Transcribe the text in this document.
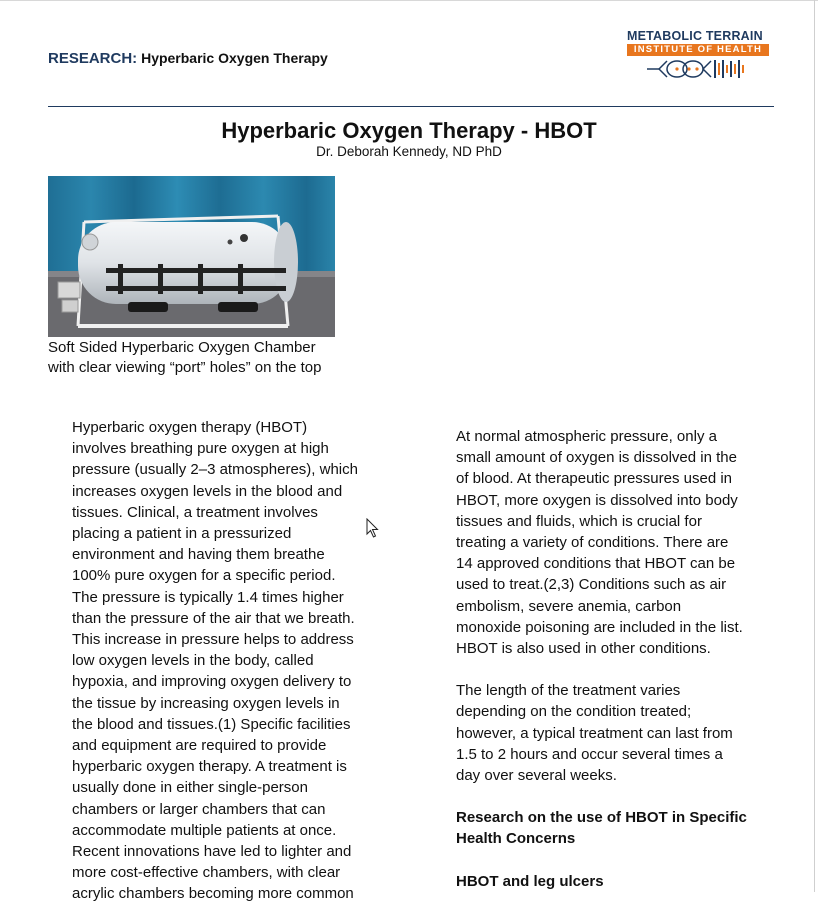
RESEARCH: Hyperbaric Oxygen Therapy
METABOLIC TERRAIN
INSTITUTE OF HEALTH
Hyperbaric Oxygen Therapy - HBOT
Dr. Deborah Kennedy, ND PhD
Soft Sided Hyperbaric Oxygen Chamber
with clear viewing “port” holes” on the top
Hyperbaric oxygen therapy (HBOT)
involves breathing pure oxygen at high
pressure (usually 2–3 atmospheres), which
increases oxygen levels in the blood and
tissues. Clinical, a treatment involves
placing a patient in a pressurized
environment and having them breathe
100% pure oxygen for a specific period.
The pressure is typically 1.4 times higher
than the pressure of the air that we breath.
This increase in pressure helps to address
low oxygen levels in the body, called
hypoxia, and improving oxygen delivery to
the tissue by increasing oxygen levels in
the blood and tissues.(1) Specific facilities
and equipment are required to provide
hyperbaric oxygen therapy. A treatment is
usually done in either single-person
chambers or larger chambers that can
accommodate multiple patients at once.
Recent innovations have led to lighter and
more cost-effective chambers, with clear
acrylic chambers becoming more common
At normal atmospheric pressure, only a
small amount of oxygen is dissolved in the
of blood. At therapeutic pressures used in
HBOT, more oxygen is dissolved into body
tissues and fluids, which is crucial for
treating a variety of conditions. There are
14 approved conditions that HBOT can be
used to treat.(2,3) Conditions such as air
embolism, severe anemia, carbon
monoxide poisoning are included in the list.
HBOT is also used in other conditions.
The length of the treatment varies
depending on the condition treated;
however, a typical treatment can last from
1.5 to 2 hours and occur several times a
day over several weeks.
Research on the use of HBOT in Specific
Health Concerns
HBOT and leg ulcers
